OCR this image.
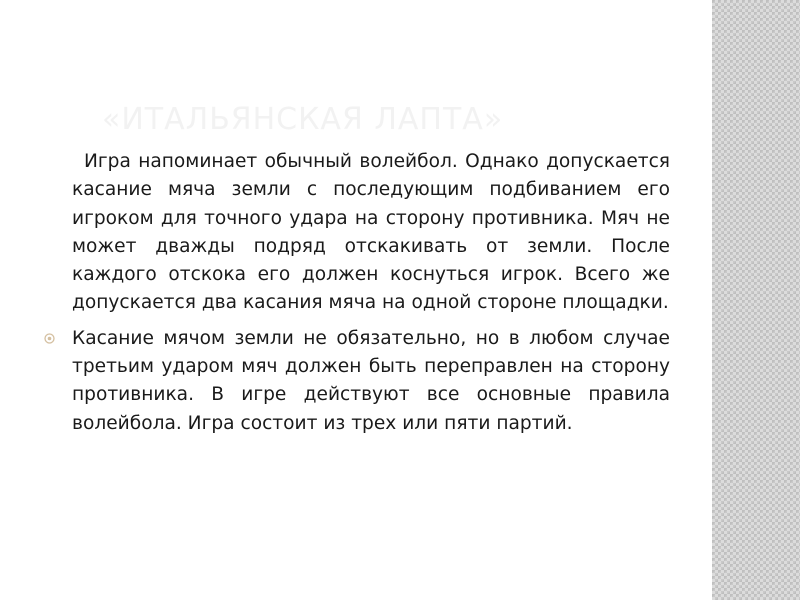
«ИТАЛЬЯНСКАЯ ЛАПТА»

Игра напоминает обычный волейбол. Однако допускается касание мяча земли с последующим подбиванием его игроком для точного удара на сторону противника. Мяч не может дважды подряд отскакивать от земли. После каждого отскока его должен коснуться игрок. Всего же допускается два касания мяча на одной стороне площадки.

Касание мячом земли не обязательно, но в любом случае третьим ударом мяч должен быть переправлен на сторону противника. В игре действуют все основные правила волейбола. Игра состоит из трех или пяти партий.
